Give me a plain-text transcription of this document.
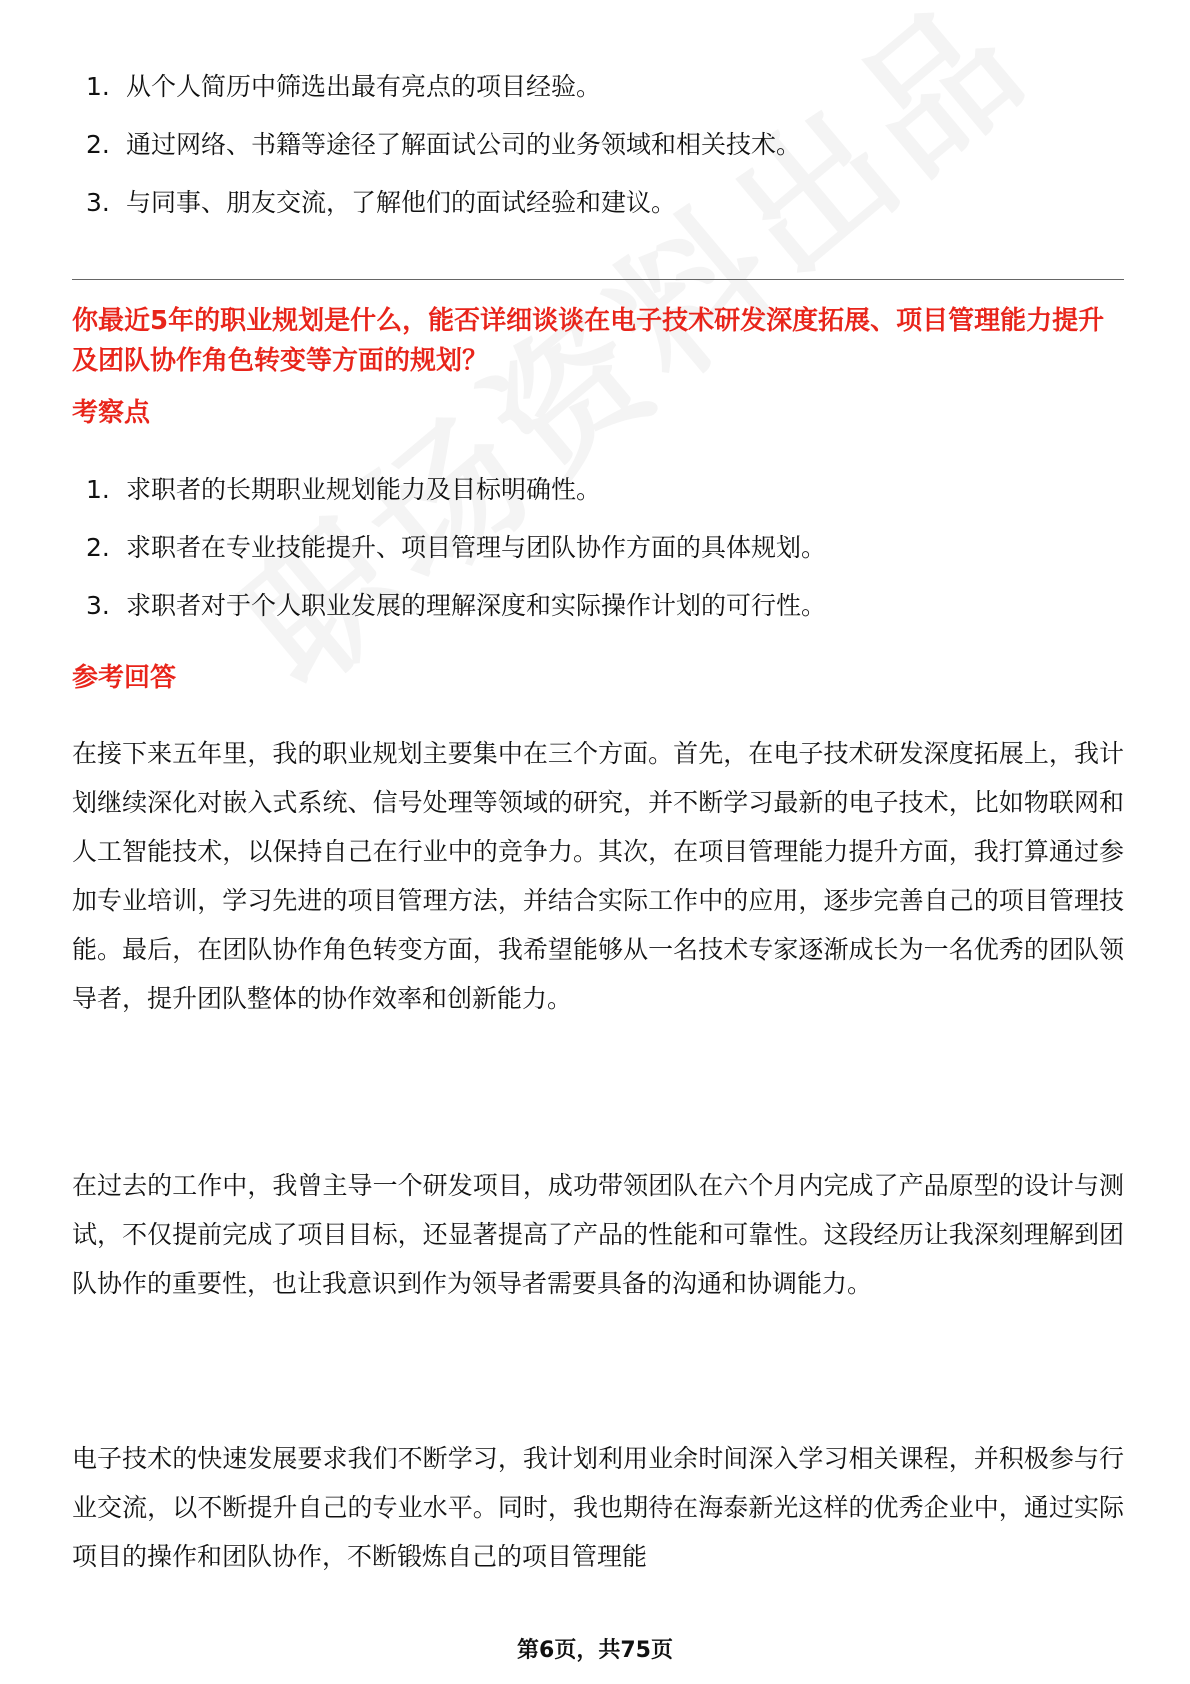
1. 从个人简历中筛选出最有亮点的项目经验。
2. 通过网络、书籍等途径了解面试公司的业务领域和相关技术。
3. 与同事、朋友交流，了解他们的面试经验和建议。
你最近5年的职业规划是什么，能否详细谈谈在电子技术研发深度拓展、项目管理能力提升及团队协作角色转变等方面的规划？
考察点
1. 求职者的长期职业规划能力及目标明确性。
2. 求职者在专业技能提升、项目管理与团队协作方面的具体规划。
3. 求职者对于个人职业发展的理解深度和实际操作计划的可行性。
参考回答

在接下来五年里，我的职业规划主要集中在三个方面。首先，在电子技术研发深度拓展上，我计划继续深化对嵌入式系统、信号处理等领域的研究，并不断学习最新的电子技术，比如物联网和人工智能技术，以保持自己在行业中的竞争力。其次，在项目管理能力提升方面，我打算通过参加专业培训，学习先进的项目管理方法，并结合实际工作中的应用，逐步完善自己的项目管理技能。最后，在团队协作角色转变方面，我希望能够从一名技术专家逐渐成长为一名优秀的团队领导者，提升团队整体的协作效率和创新能力。

在过去的工作中，我曾主导一个研发项目，成功带领团队在六个月内完成了产品原型的设计与测试，不仅提前完成了项目目标，还显著提高了产品的性能和可靠性。这段经历让我深刻理解到团队协作的重要性，也让我意识到作为领导者需要具备的沟通和协调能力。

电子技术的快速发展要求我们不断学习，我计划利用业余时间深入学习相关课程，并积极参与行业交流，以不断提升自己的专业水平。同时，我也期待在海泰新光这样的优秀企业中，通过实际项目的操作和团队协作，不断锻炼自己的项目管理能

第6页，共75页
